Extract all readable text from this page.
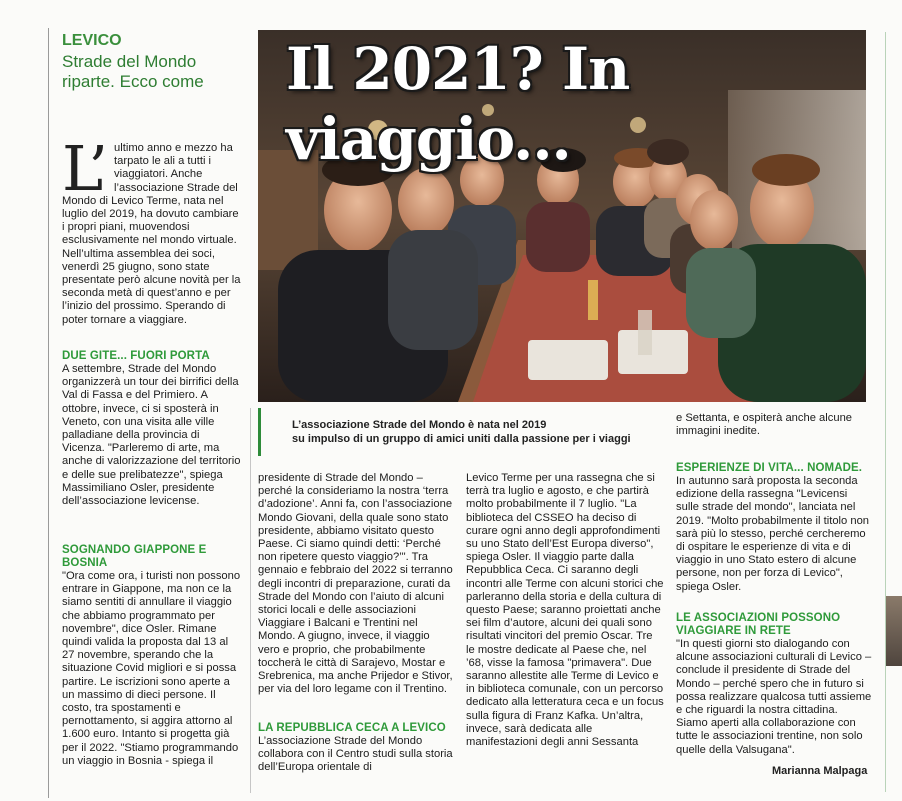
LEVICO
Strade del Mondo riparte. Ecco come
L’ ultimo anno e mezzo ha tarpato le ali a tutti i viaggiatori. Anche l’associazione Strade del Mondo di Levico Terme, nata nel luglio del 2019, ha dovuto cambiare i propri piani, muovendosi esclusivamente nel mondo virtuale. Nell’ultima assemblea dei soci, venerdì 25 giugno, sono state presentate però alcune novità per la seconda metà di quest’anno e per l’inizio del prossimo. Sperando di poter tornare a viaggiare.
DUE GITE... FUORI PORTA
A settembre, Strade del Mondo organizzerà un tour dei birrifici della Val di Fassa e del Primiero. A ottobre, invece, ci si sposterà in Veneto, con una visita alle ville palladiane della provincia di Vicenza. "Parleremo di arte, ma anche di valorizzazione del territorio e delle sue prelibatezze", spiega Massimiliano Osler, presidente dell’associazione levicense.
SOGNANDO GIAPPONE E BOSNIA
"Ora come ora, i turisti non possono entrare in Giappone, ma non ce la siamo sentiti di annullare il viaggio che abbiamo programmato per novembre", dice Osler. Rimane quindi valida la proposta dal 13 al 27 novembre, sperando che la situazione Covid migliori e si possa partire. Le iscrizioni sono aperte a un massimo di dieci persone. Il costo, tra spostamenti e pernottamento, si aggira attorno al 1.600 euro. Intanto si progetta già per il 2022. "Stiamo programmando un viaggio in Bosnia - spiega il
Il 2021? In viaggio...
L’associazione Strade del Mondo è nata nel 2019
su impulso di un gruppo di amici uniti dalla passione per i viaggi
presidente di Strade del Mondo – perché la consideriamo la nostra ‘terra d’adozione’. Anni fa, con l’associazione Mondo Giovani, della quale sono stato presidente, abbiamo visitato questo Paese. Ci siamo quindi detti: ‘Perché non ripetere questo viaggio?’". Tra gennaio e febbraio del 2022 si terranno degli incontri di preparazione, curati da Strade del Mondo con l’aiuto di alcuni storici locali e delle associazioni Viaggiare i Balcani e Trentini nel Mondo. A giugno, invece, il viaggio vero e proprio, che probabilmente toccherà le città di Sarajevo, Mostar e Srebrenica, ma anche Prijedor e Stivor, per via del loro legame con il Trentino.
LA REPUBBLICA CECA A LEVICO
L’associazione Strade del Mondo collabora con il Centro studi sulla storia dell’Europa orientale di
Levico Terme per una rassegna che si terrà tra luglio e agosto, e che partirà molto probabilmente il 7 luglio. "La biblioteca del CSSEO ha deciso di curare ogni anno degli approfondimenti su uno Stato dell’Est Europa diverso", spiega Osler. Il viaggio parte dalla Repubblica Ceca. Ci saranno degli incontri alle Terme con alcuni storici che parleranno della storia e della cultura di questo Paese; saranno proiettati anche sei film d’autore, alcuni dei quali sono risultati vincitori del premio Oscar. Tre le mostre dedicate al Paese che, nel ’68, visse la famosa "primavera". Due saranno allestite alle Terme di Levico e in biblioteca comunale, con un percorso dedicato alla letteratura ceca e un focus sulla figura di Franz Kafka. Un’altra, invece, sarà dedicata alle manifestazioni degli anni Sessanta
e Settanta, e ospiterà anche alcune immagini inedite.
ESPERIENZE DI VITA... NOMADE.
In autunno sarà proposta la seconda edizione della rassegna "Levicensi sulle strade del mondo", lanciata nel 2019. "Molto probabilmente il titolo non sarà più lo stesso, perché cercheremo di ospitare le esperienze di vita e di viaggio in uno Stato estero di alcune persone, non per forza di Levico", spiega Osler.
LE ASSOCIAZIONI POSSONO VIAGGIARE IN RETE
"In questi giorni sto dialogando con alcune associazioni culturali di Levico – conclude il presidente di Strade del Mondo – perché spero che in futuro si possa realizzare qualcosa tutti assieme e che riguardi la nostra cittadina. Siamo aperti alla collaborazione con tutte le associazioni trentine, non solo quelle della Valsugana".
Marianna Malpaga
